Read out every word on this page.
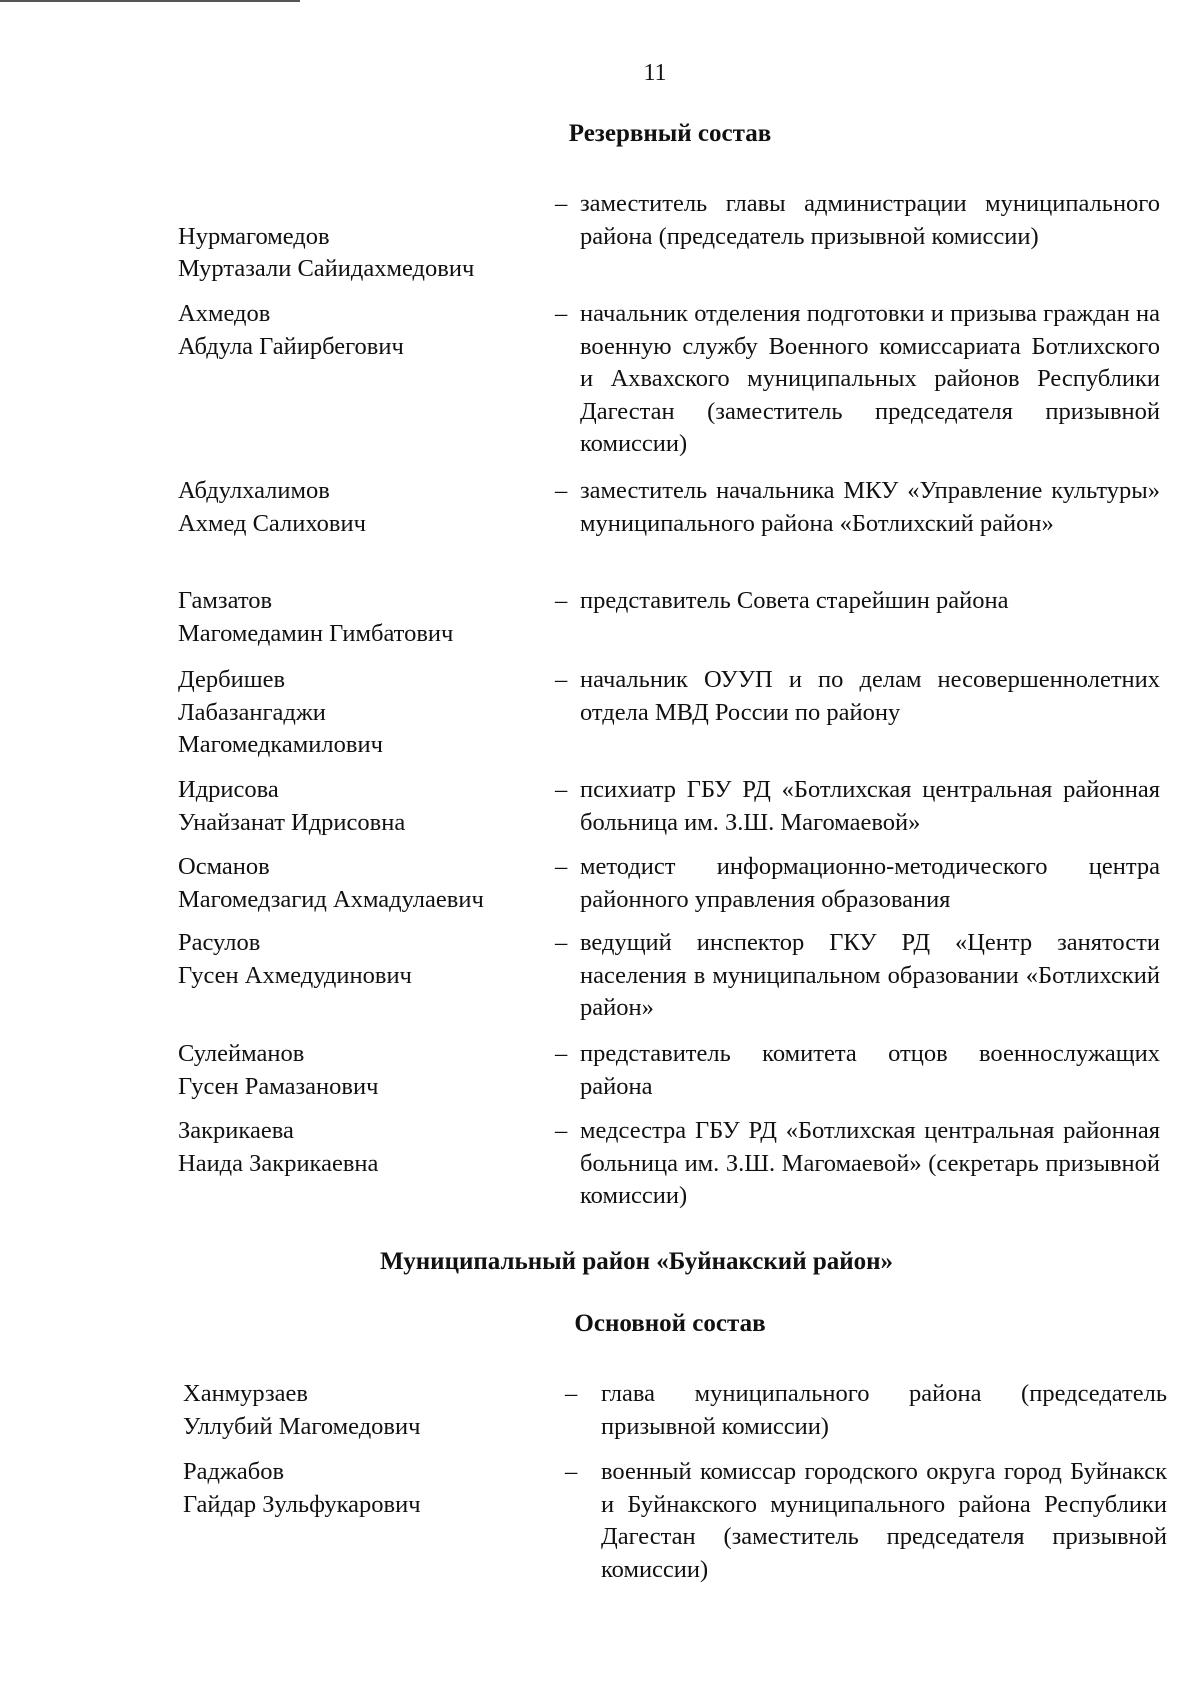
11
Резервный состав

Нурмагомедов
Муртазали Сайидахмедович

– заместитель главы администрации муниципального района (председатель призывной комиссии)
Ахмедов
Абдула Гайирбегович
– начальник отделения подготовки и призыва граждан на военную службу Военного комиссариата Ботлихского и Ахвахского муниципальных районов Республики Дагестан (заместитель председателя призывной комиссии)
Абдулхалимов
Ахмед Салихович
– заместитель начальника МКУ «Управление культуры» муниципального района «Ботлихский район»
Гамзатов
Магомедамин Гимбатович
– представитель Совета старейшин района
Дербишев
Лабазангаджи
Магомедкамилович
– начальник ОУУП и по делам несовершеннолетних отдела МВД России по району
Идрисова
Унайзанат Идрисовна
– психиатр ГБУ РД «Ботлихская центральная районная больница им. З.Ш. Магомаевой»
Османов
Магомедзагид Ахмадулаевич
– методист информационно-методического центра районного управления образования
Расулов
Гусен Ахмедудинович
– ведущий инспектор ГКУ РД «Центр занятости населения в муниципальном образовании «Ботлихский район»
Сулейманов
Гусен Рамазанович
– представитель комитета отцов военнослужащих района
Закрикаева
Наида Закрикаевна
– медсестра ГБУ РД «Ботлихская центральная районная больница им. З.Ш. Магомаевой» (секретарь призывной комиссии)
Муниципальный район «Буйнакский район»
Основной состав
Ханмурзаев
Уллубий Магомедович
– глава муниципального района (председатель призывной комиссии)
Раджабов
Гайдар Зульфукарович
– военный комиссар городского округа город Буйнакск и Буйнакского муниципального района Республики Дагестан (заместитель председателя призывной комиссии)
